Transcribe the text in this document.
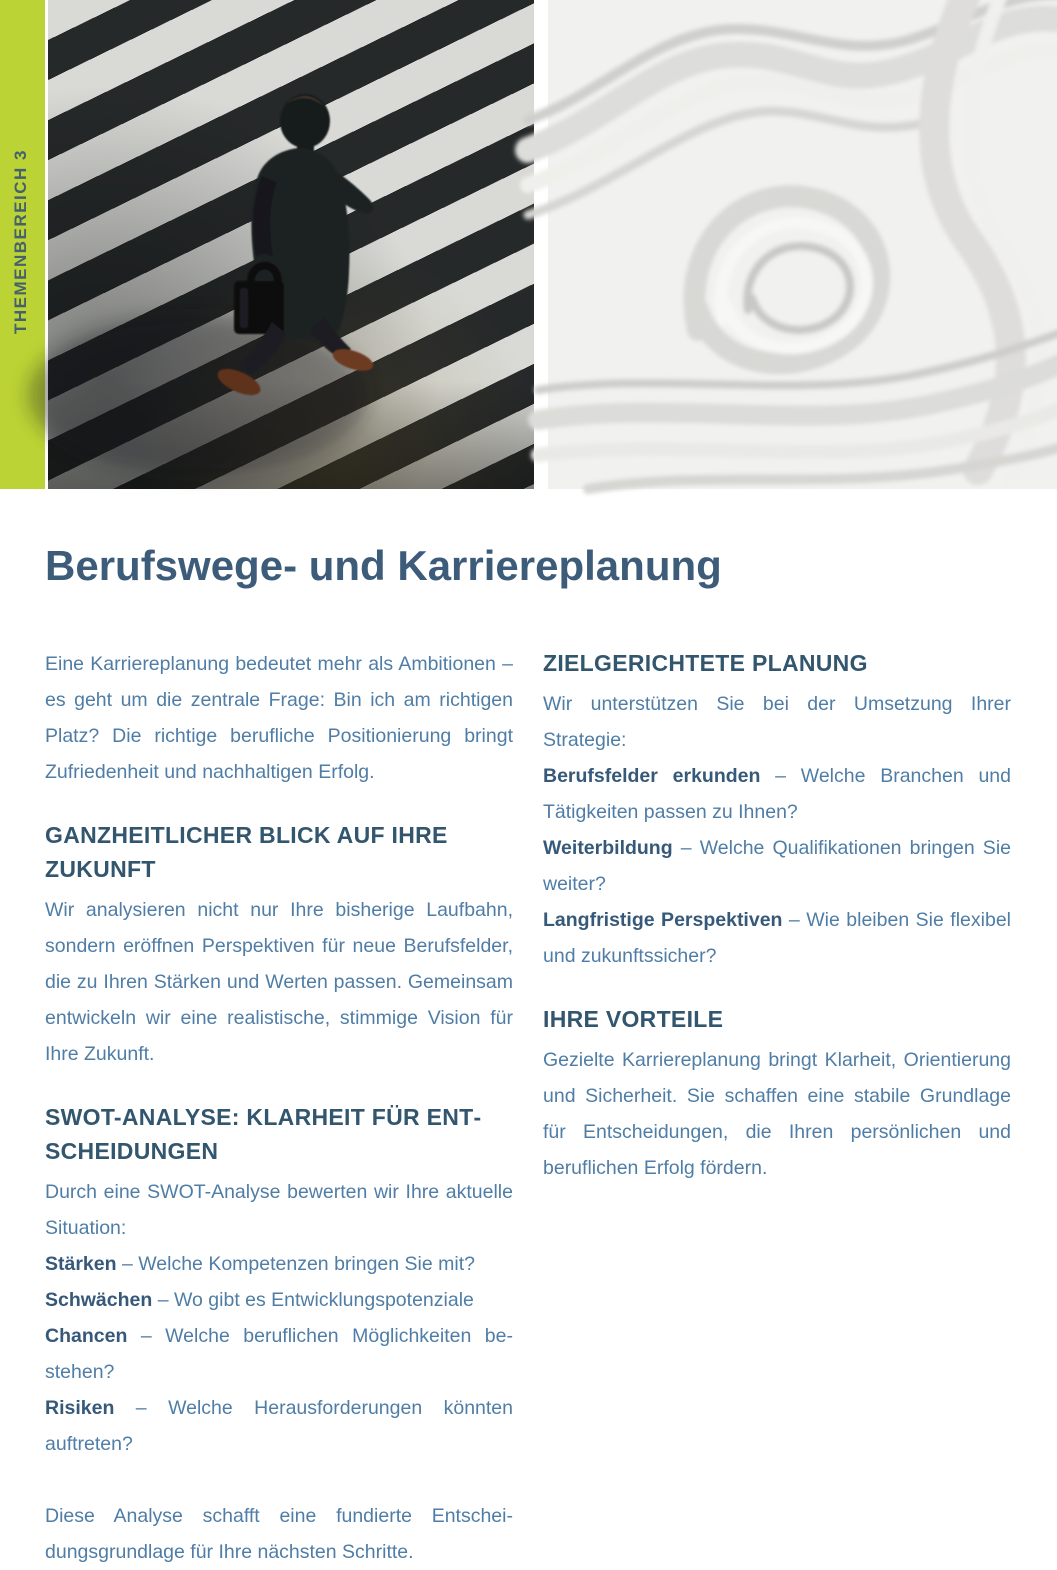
THEMENBEREICH 3
Berufswege- und Karriereplanung

Eine Karriereplanung bedeutet mehr als Ambitionen – es geht um die zentrale Frage: Bin ich am richtigen Platz? Die richtige berufliche Positionierung bringt Zufriedenheit und nachhaltigen Erfolg.

GANZHEITLICHER BLICK AUF IHRE ZUKUNFT

Wir analysieren nicht nur Ihre bisherige Laufbahn, sondern eröffnen Perspektiven für neue Berufsfelder, die zu Ihren Stärken und Werten passen. Gemeinsam entwickeln wir eine realistische, stimmige Vision für Ihre Zukunft.

SWOT-ANALYSE: KLARHEIT FÜR ENTSCHEIDUNGEN

Durch eine SWOT-Analyse bewerten wir Ihre aktuelle Situation:

Stärken – Welche Kompetenzen bringen Sie mit?

Schwächen – Wo gibt es Entwicklungspotenziale

Chancen – Welche beruflichen Möglichkeiten bestehen?

Risiken – Welche Herausforderungen könnten auftreten?

Diese Analyse schafft eine fundierte Entscheidungsgrundlage für Ihre nächsten Schritte.

ZIELGERICHTETE PLANUNG

Wir unterstützen Sie bei der Umsetzung Ihrer Strategie:

Berufsfelder erkunden – Welche Branchen und Tätigkeiten passen zu Ihnen?

Weiterbildung – Welche Qualifikationen bringen Sie weiter?

Langfristige Perspektiven – Wie bleiben Sie flexibel und zukunftssicher?

IHRE VORTEILE

Gezielte Karriereplanung bringt Klarheit, Orientierung und Sicherheit. Sie schaffen eine stabile Grundlage für Entscheidungen, die Ihren persönlichen und beruflichen Erfolg fördern.
